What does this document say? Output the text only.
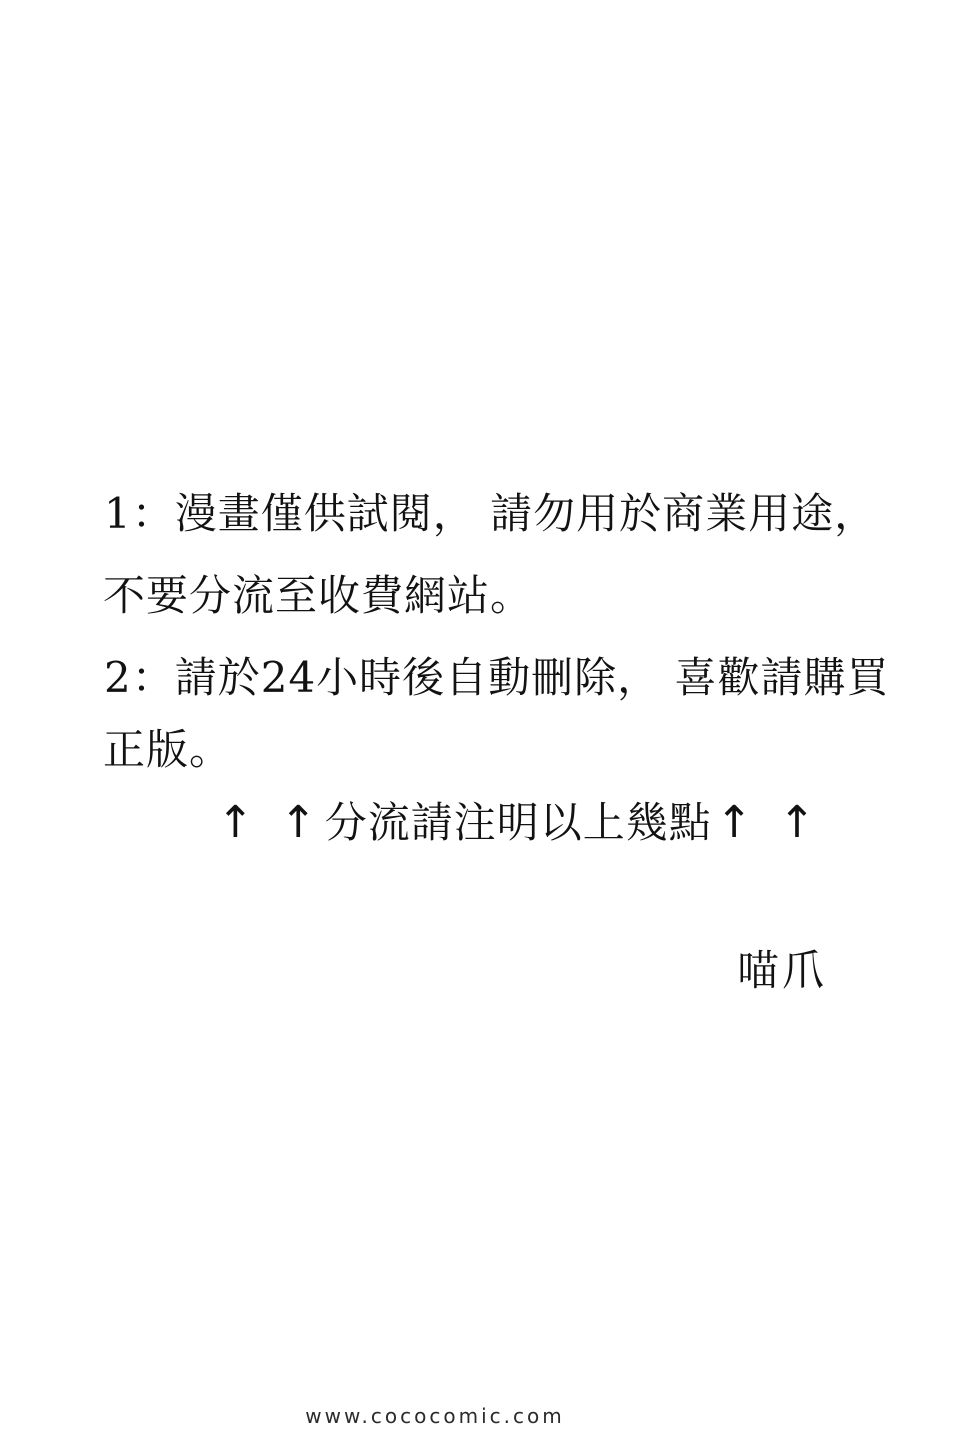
1：漫畫僅供試閱， 請勿用於商業用途，
不要分流至收費網站。
2：請於24小時後自動刪除， 喜歡請購買
正版。
↑ ↑分流請注明以上幾點↑ ↑
喵爪
www.cococomic.com
